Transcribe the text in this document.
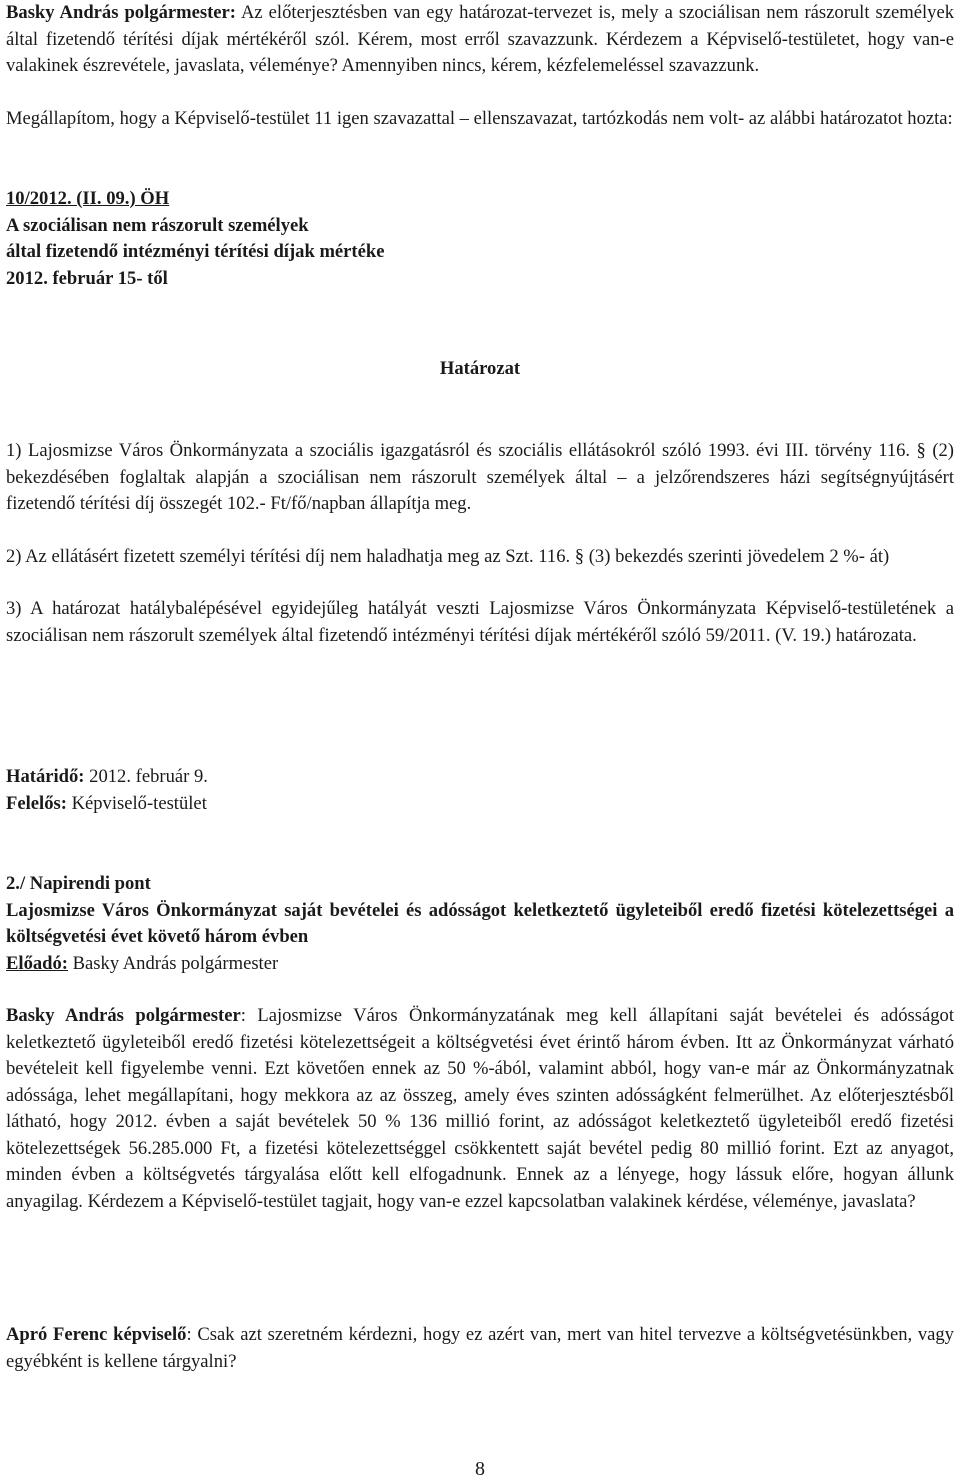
Basky András polgármester: Az előterjesztésben van egy határozat-tervezet is, mely a szociálisan nem rászorult személyek által fizetendő térítési díjak mértékéről szól. Kérem, most erről szavazzunk. Kérdezem a Képviselő-testületet, hogy van-e valakinek észrevétele, javaslata, véleménye? Amennyiben nincs, kérem, kézfelemeléssel szavazzunk.

Megállapítom, hogy a Képviselő-testület 11 igen szavazattal – ellenszavazat, tartózkodás nem volt- az alábbi határozatot hozta:

10/2012. (II. 09.) ÖH

A szociálisan nem rászorult személyek

által fizetendő intézményi térítési díjak mértéke

2012. február 15- től

Határozat

1) Lajosmizse Város Önkormányzata a szociális igazgatásról és szociális ellátásokról szóló 1993. évi III. törvény 116. § (2) bekezdésében foglaltak alapján a szociálisan nem rászorult személyek által – a jelzőrendszeres házi segítségnyújtásért fizetendő térítési díj összegét 102.- Ft/fő/napban állapítja meg.
2) Az ellátásért fizetett személyi térítési díj nem haladhatja meg az Szt. 116. § (3) bekezdés szerinti jövedelem 2 %- át)
3) A határozat hatálybalépésével egyidejűleg hatályát veszti Lajosmizse Város Önkormányzata Képviselő-testületének a szociálisan nem rászorult személyek által fizetendő intézményi térítési díjak mértékéről szóló 59/2011. (V. 19.) határozata.

Határidő: 2012. február 9.

Felelős: Képviselő-testület

2./ Napirendi pont

Lajosmizse Város Önkormányzat saját bevételei és adósságot keletkeztető ügyleteiből eredő fizetési kötelezettségei a költségvetési évet követő három évben

Előadó: Basky András polgármester

Basky András polgármester: Lajosmizse Város Önkormányzatának meg kell állapítani saját bevételei és adósságot keletkeztető ügyleteiből eredő fizetési kötelezettségeit a költségvetési évet érintő három évben. Itt az Önkormányzat várható bevételeit kell figyelembe venni. Ezt követően ennek az 50 %-ából, valamint abból, hogy van-e már az Önkormányzatnak adóssága, lehet megállapítani, hogy mekkora az az összeg, amely éves szinten adósságként felmerülhet. Az előterjesztésből látható, hogy 2012. évben a saját bevételek 50 % 136 millió forint, az adósságot keletkeztető ügyleteiből eredő fizetési kötelezettségek 56.285.000 Ft, a fizetési kötelezettséggel csökkentett saját bevétel pedig 80 millió forint. Ezt az anyagot, minden évben a költségvetés tárgyalása előtt kell elfogadnunk. Ennek az a lényege, hogy lássuk előre, hogyan állunk anyagilag. Kérdezem a Képviselő-testület tagjait, hogy van-e ezzel kapcsolatban valakinek kérdése, véleménye, javaslata?

Apró Ferenc képviselő: Csak azt szeretném kérdezni, hogy ez azért van, mert van hitel tervezve a költségvetésünkben, vagy egyébként is kellene tárgyalni?

8
